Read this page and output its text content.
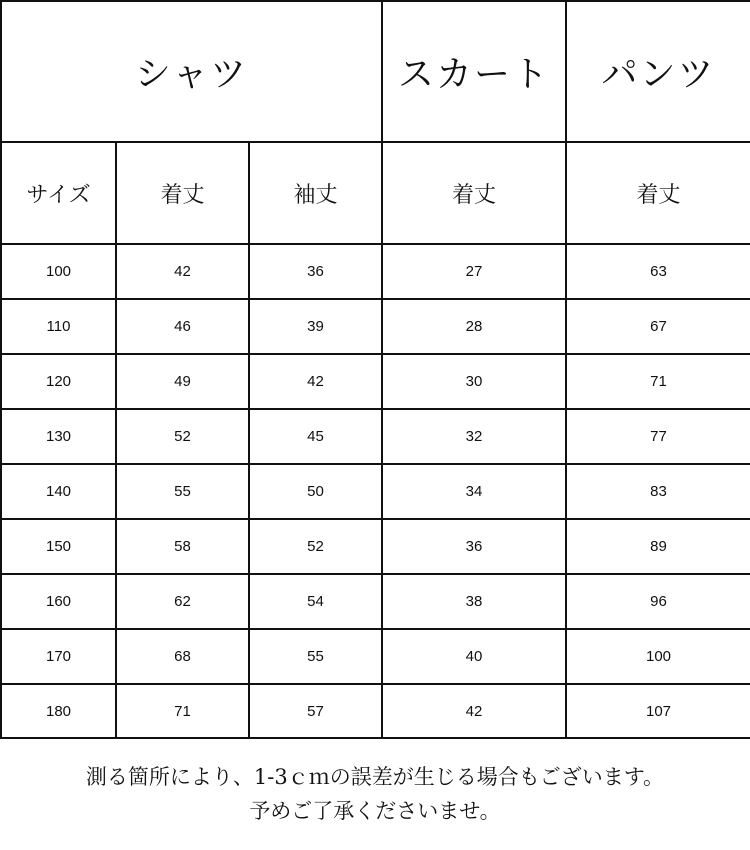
シャツ			スカート	パンツ
サイズ	着丈	袖丈	着丈	着丈
100	42	36	27	63
110	46	39	28	67
120	49	42	30	71
130	52	45	32	77
140	55	50	34	83
150	58	52	36	89
160	62	54	38	96
170	68	55	40	100
180	71	57	42	107
測る箇所により、1-3ｃｍの誤差が生じる場合もございます。
予めご了承くださいませ。
